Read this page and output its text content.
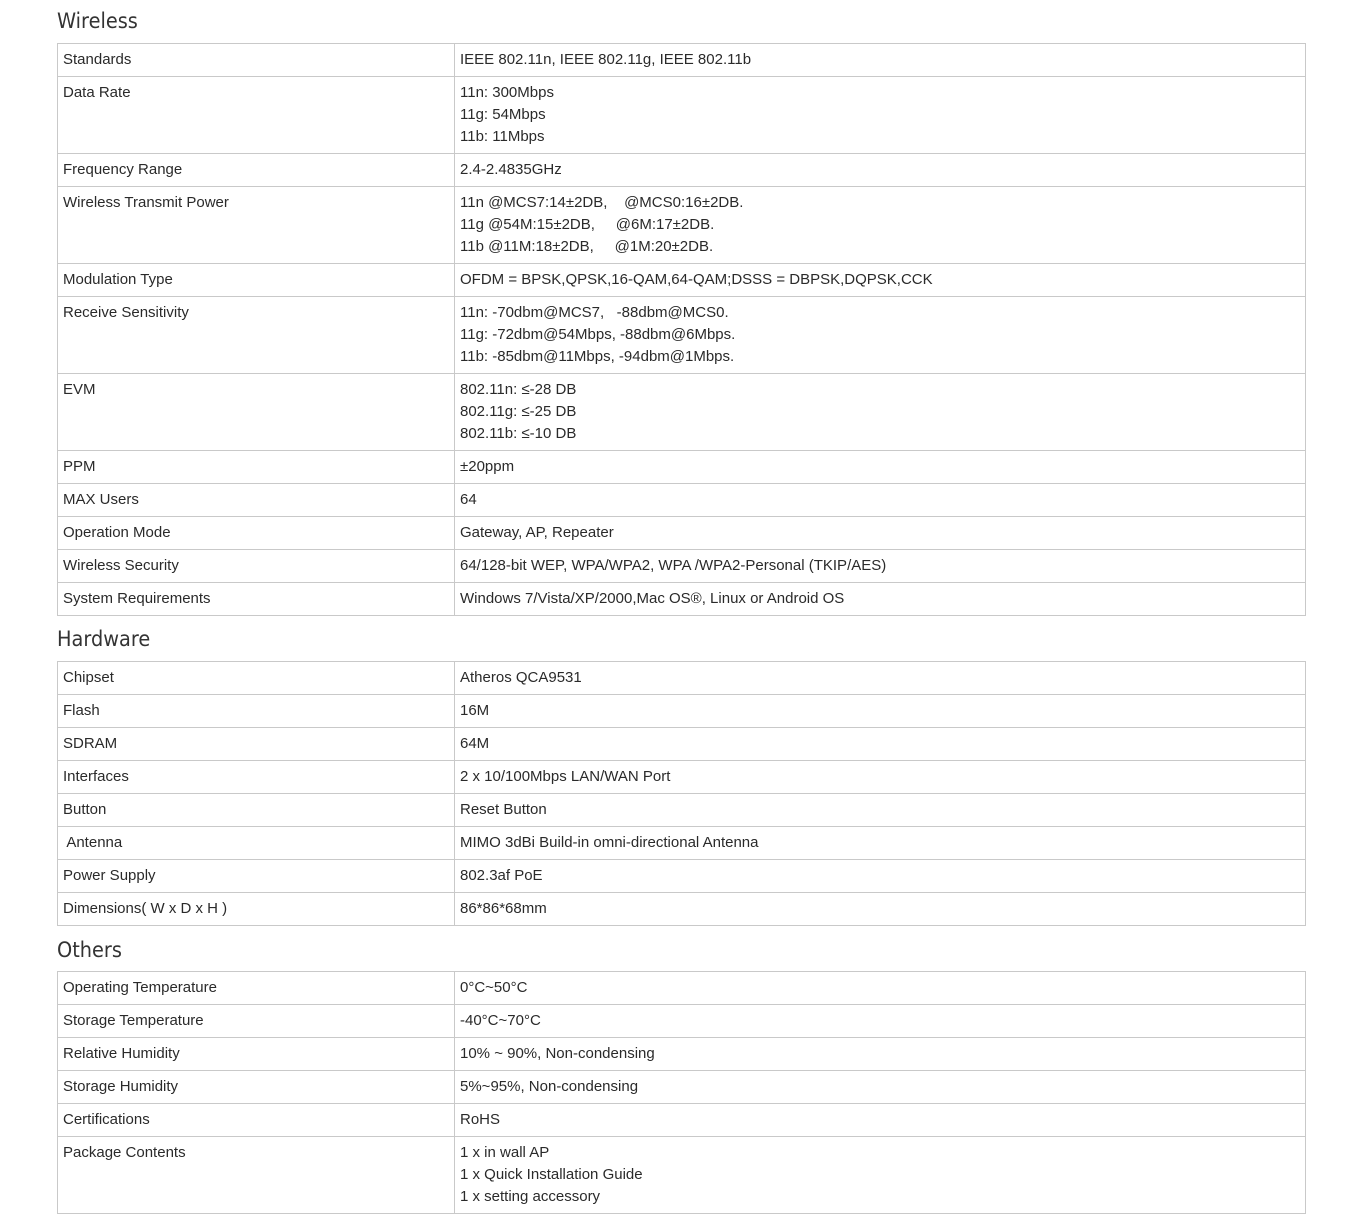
Wireless
Standards	IEEE 802.11n, IEEE 802.11g, IEEE 802.11b

Data Rate	11n: 300Mbps
11g: 54Mbps
11b: 11Mbps

Frequency Range	2.4-2.4835GHz

Wireless Transmit Power	11n @MCS7:14±2DB,    @MCS0:16±2DB.
11g @54M:15±2DB,     @6M:17±2DB.
11b @11M:18±2DB,     @1M:20±2DB.

Modulation Type	OFDM = BPSK,QPSK,16-QAM,64-QAM;DSSS = DBPSK,DQPSK,CCK

Receive Sensitivity	11n: -70dbm@MCS7,   -88dbm@MCS0.
11g: -72dbm@54Mbps, -88dbm@6Mbps.
11b: -85dbm@11Mbps, -94dbm@1Mbps.

EVM	802.11n: ≤-28 DB
802.11g: ≤-25 DB
802.11b: ≤-10 DB

PPM	±20ppm

MAX Users	64

Operation Mode	Gateway, AP, Repeater

Wireless Security	64/128-bit WEP, WPA/WPA2, WPA /WPA2-Personal (TKIP/AES)

System Requirements	Windows 7/Vista/XP/2000,Mac OS®, Linux or Android OS
Hardware
Chipset	Atheros QCA9531

Flash	16M

SDRAM	64M

Interfaces	2 x 10/100Mbps LAN/WAN Port

Button	Reset Button

Antenna	MIMO 3dBi Build-in omni-directional Antenna

Power Supply	802.3af PoE

Dimensions( W x D x H )	86*86*68mm
Others
Operating Temperature	0°C~50°C

Storage Temperature	-40°C~70°C

Relative Humidity	10% ~ 90%, Non-condensing

Storage Humidity	5%~95%, Non-condensing

Certifications	RoHS

Package Contents	1 x in wall AP
1 x Quick Installation Guide
1 x setting accessory
